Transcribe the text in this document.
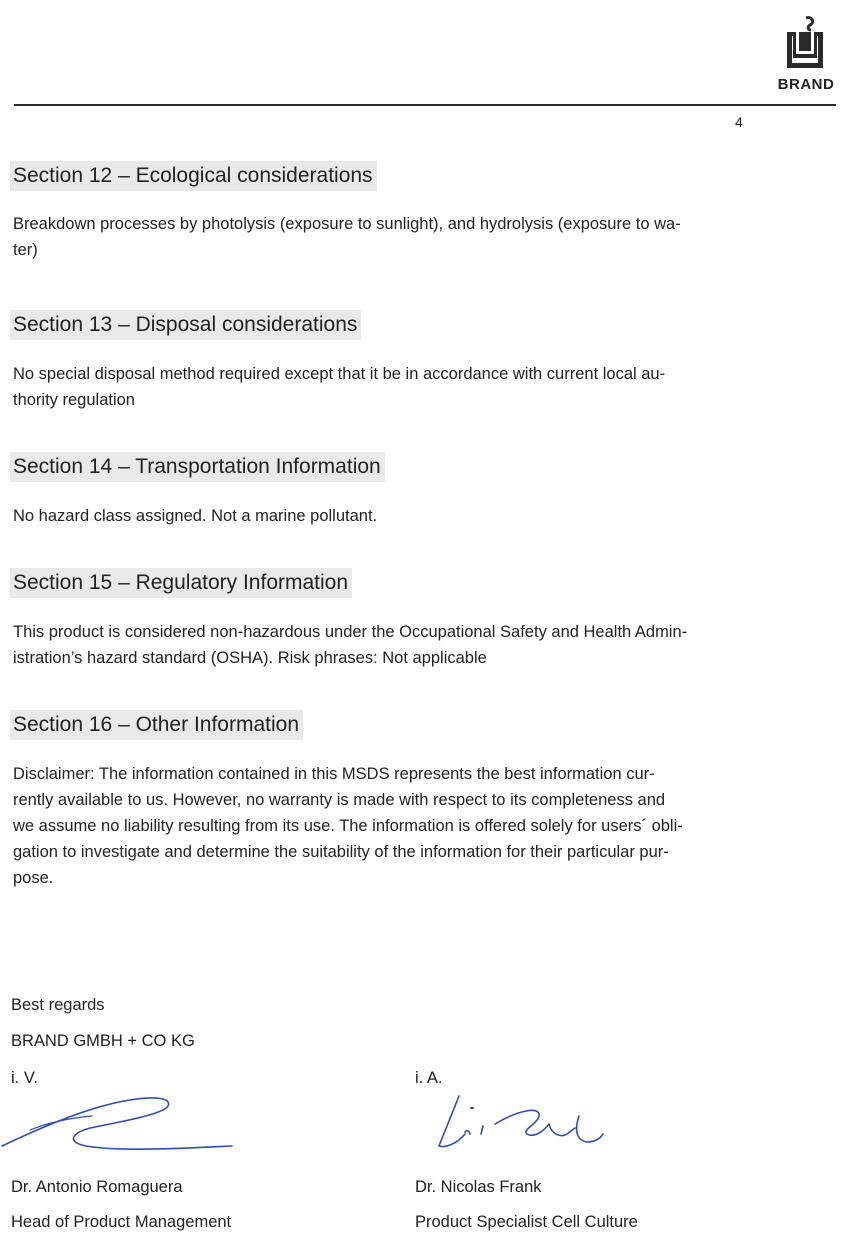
BRAND
4
Section 12 – Ecological considerations
Breakdown processes by photolysis (exposure to sunlight), and hydrolysis (exposure to wa-
ter)
Section 13 – Disposal considerations
No special disposal method required except that it be in accordance with current local au-
thority regulation
Section 14 – Transportation Information
No hazard class assigned. Not a marine pollutant.
Section 15 – Regulatory Information
This product is considered non-hazardous under the Occupational Safety and Health Admin-
istration’s hazard standard (OSHA). Risk phrases: Not applicable
Section 16 – Other Information
Disclaimer: The information contained in this MSDS represents the best information cur-
rently available to us. However, no warranty is made with respect to its completeness and
we assume no liability resulting from its use. The information is offered solely for users´ obli-
gation to investigate and determine the suitability of the information for their particular pur-
pose.
Best regards
BRAND GMBH + CO KG
i. V.	i. A.
Dr. Antonio Romaguera
Head of Product Management
Dr. Nicolas Frank
Product Specialist Cell Culture
